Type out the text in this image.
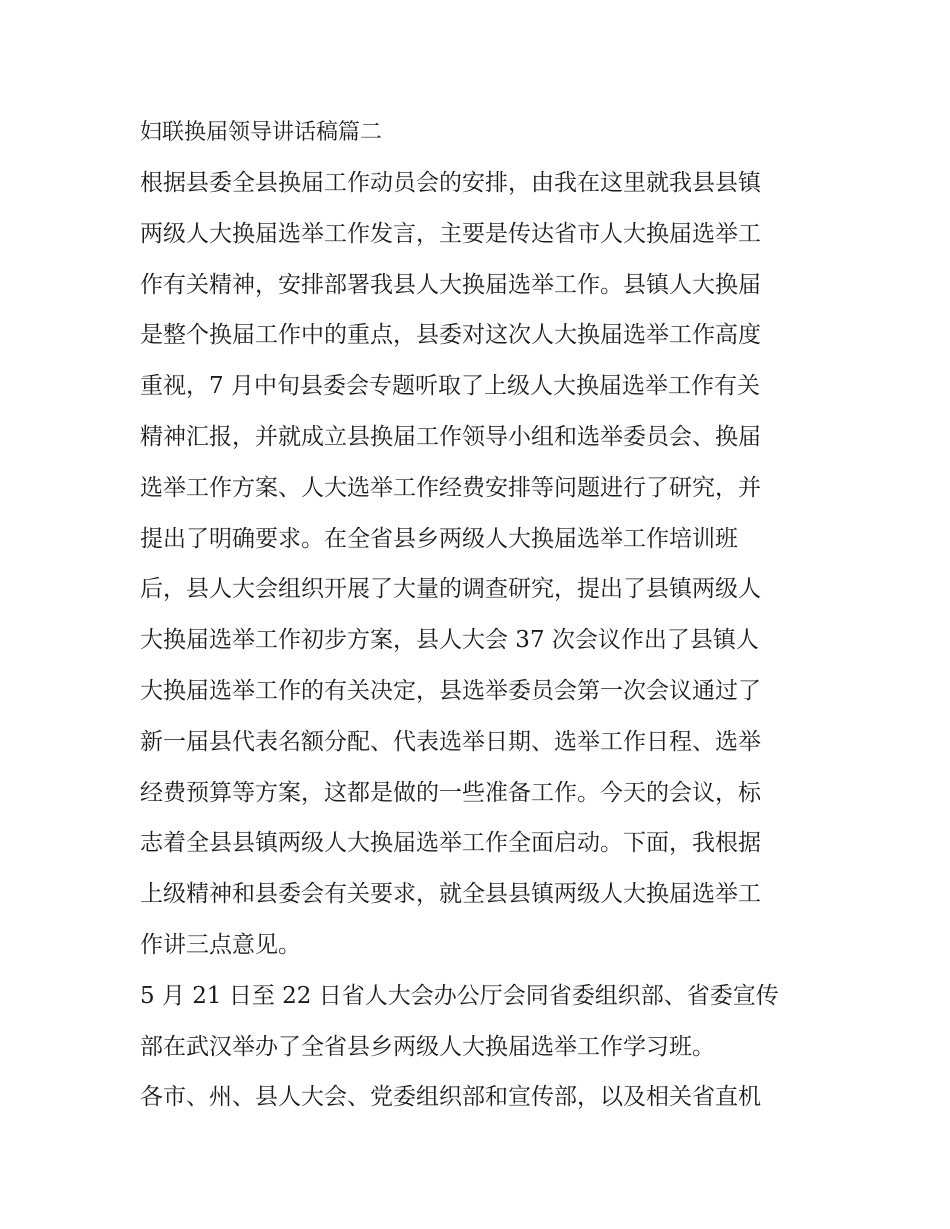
妇联换届领导讲话稿篇二
根据县委全县换届工作动员会的安排，由我在这里就我县县镇
两级人大换届选举工作发言，主要是传达省市人大换届选举工
作有关精神，安排部署我县人大换届选举工作。县镇人大换届
是整个换届工作中的重点，县委对这次人大换届选举工作高度
重视，7 月中旬县委会专题听取了上级人大换届选举工作有关
精神汇报，并就成立县换届工作领导小组和选举委员会、换届
选举工作方案、人大选举工作经费安排等问题进行了研究，并
提出了明确要求。在全省县乡两级人大换届选举工作培训班
后，县人大会组织开展了大量的调查研究，提出了县镇两级人
大换届选举工作初步方案，县人大会 37 次会议作出了县镇人
大换届选举工作的有关决定，县选举委员会第一次会议通过了
新一届县代表名额分配、代表选举日期、选举工作日程、选举
经费预算等方案，这都是做的一些准备工作。今天的会议，标
志着全县县镇两级人大换届选举工作全面启动。下面，我根据
上级精神和县委会有关要求，就全县县镇两级人大换届选举工
作讲三点意见。
5 月 21 日至 22 日省人大会办公厅会同省委组织部、省委宣传
部在武汉举办了全省县乡两级人大换届选举工作学习班。
各市、州、县人大会、党委组织部和宣传部，以及相关省直机
